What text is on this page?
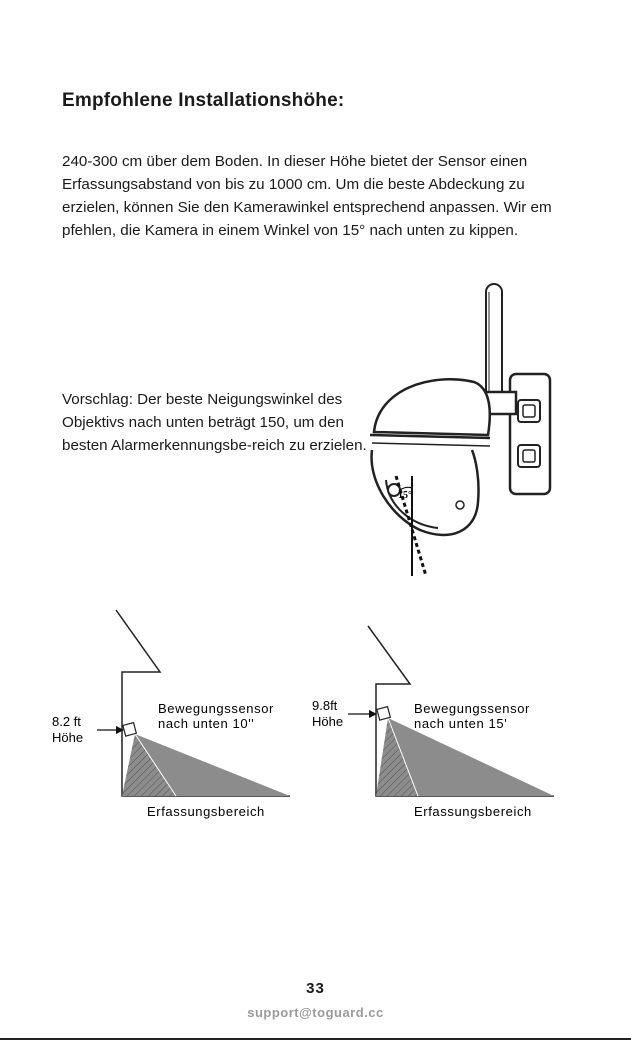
Empfohlene Installationshöhe:
240-300 cm über dem Boden. In dieser Höhe bietet der Sensor einen Erfassungsabstand von bis zu 1000 cm. Um die beste Abdeckung zu erzielen, können Sie den Kamerawinkel entsprechend anpassen. Wir em pfehlen, die Kamera in einem Winkel von 15° nach unten zu kippen.
Vorschlag: Der beste Neigungswinkel des Objektivs nach unten beträgt 150, um den besten Alarmerkennungsbe-reich zu erzielen.
15°
8.2 ft
Höhe
Bewegungssensor
nach unten 10''
Erfassungsbereich
9.8ft
Höhe
Bewegungssensor
nach unten 15'
Erfassungsbereich
33
support@toguard.cc
